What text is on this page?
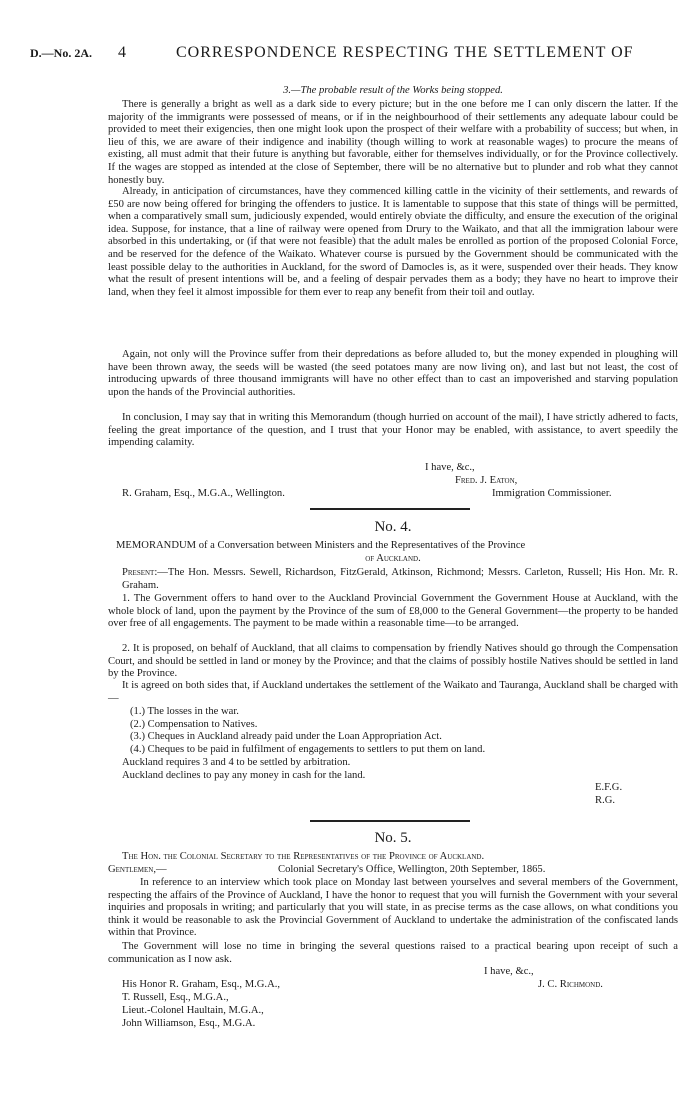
D.—No. 2A. 4	CORRESPONDENCE RESPECTING THE SETTLEMENT OF
3.—The probable result of the Works being stopped.
There is generally a bright as well as a dark side to every picture; but in the one before me I can only discern the latter. If the majority of the immigrants were possessed of means, or if in the neighbourhood of their settlements any adequate labour could be provided to meet their exigencies, then one might look upon the prospect of their welfare with a probability of success; but when, in lieu of this, we are aware of their indigence and inability (though willing to work at reasonable wages) to procure the means of existing, all must admit that their future is anything but favorable, either for themselves individually, or for the Province collectively. If the wages are stopped as intended at the close of September, there will be no alternative but to plunder and rob what they cannot honestly buy.
Already, in anticipation of circumstances, have they commenced killing cattle in the vicinity of their settlements, and rewards of £50 are now being offered for bringing the offenders to justice. It is lamentable to suppose that this state of things will be permitted, when a comparatively small sum, judiciously expended, would entirely obviate the difficulty, and ensure the execution of the original idea. Suppose, for instance, that a line of railway were opened from Drury to the Waikato, and that all the immigration labour were absorbed in this undertaking, or (if that were not feasible) that the adult males be enrolled as portion of the proposed Colonial Force, and be reserved for the defence of the Waikato. Whatever course is pursued by the Government should be communicated with the least possible delay to the authorities in Auckland, for the sword of Damocles is, as it were, suspended over their heads. They know what the result of present intentions will be, and a feeling of despair pervades them as a body; they have no heart to improve their land, when they feel it almost impossible for them ever to reap any benefit from their toil and outlay.
Again, not only will the Province suffer from their depredations as before alluded to, but the money expended in ploughing will have been thrown away, the seeds will be wasted (the seed potatoes many are now living on), and last but not least, the cost of introducing upwards of three thousand immigrants will have no other effect than to cast an impoverished and starving population upon the hands of the Provincial authorities.
In conclusion, I may say that in writing this Memorandum (though hurried on account of the mail), I have strictly adhered to facts, feeling the great importance of the question, and I trust that your Honor may be enabled, with assistance, to avert speedily the impending calamity.
I have, &c.,
Fred. J. Eaton,
R. Graham, Esq., M.G.A., Wellington.	Immigration Commissioner.
No. 4.
MEMORANDUM of a Conversation between Ministers and the Representatives of the Province
of Auckland.
Present:—The Hon. Messrs. Sewell, Richardson, FitzGerald, Atkinson, Richmond; Messrs. Carleton, Russell; His Hon. Mr. R. Graham.
1. The Government offers to hand over to the Auckland Provincial Government the Government House at Auckland, with the whole block of land, upon the payment by the Province of the sum of £8,000 to the General Government—the property to be handed over free of all engagements. The payment to be made within a reasonable time—to be arranged.
2. It is proposed, on behalf of Auckland, that all claims to compensation by friendly Natives should go through the Compensation Court, and should be settled in land or money by the Province; and that the claims of possibly hostile Natives should be settled in land by the Province.
It is agreed on both sides that, if Auckland undertakes the settlement of the Waikato and Tauranga, Auckland shall be charged with—
(1.) The losses in the war.
(2.) Compensation to Natives.
(3.) Cheques in Auckland already paid under the Loan Appropriation Act.
(4.) Cheques to be paid in fulfilment of engagements to settlers to put them on land.
Auckland requires 3 and 4 to be settled by arbitration.
Auckland declines to pay any money in cash for the land.
E.F.G.
R.G.
No. 5.
The Hon. the Colonial Secretary to the Representatives of the Province of Auckland.
Gentlemen,—	Colonial Secretary's Office, Wellington, 20th September, 1865.
In reference to an interview which took place on Monday last between yourselves and several members of the Government, respecting the affairs of the Province of Auckland, I have the honor to request that you will furnish the Government with your several inquiries and proposals in writing; and particularly that you will state, in as precise terms as the case allows, on what conditions you think it would be reasonable to ask the Provincial Government of Auckland to undertake the administration of the confiscated lands within that Province.
The Government will lose no time in bringing the several questions raised to a practical bearing upon receipt of such a communication as I now ask.
I have, &c.,
J. C. Richmond.
His Honor R. Graham, Esq., M.G.A.,
T. Russell, Esq., M.G.A.,
Lieut.-Colonel Haultain, M.G.A.,
John Williamson, Esq., M.G.A.
